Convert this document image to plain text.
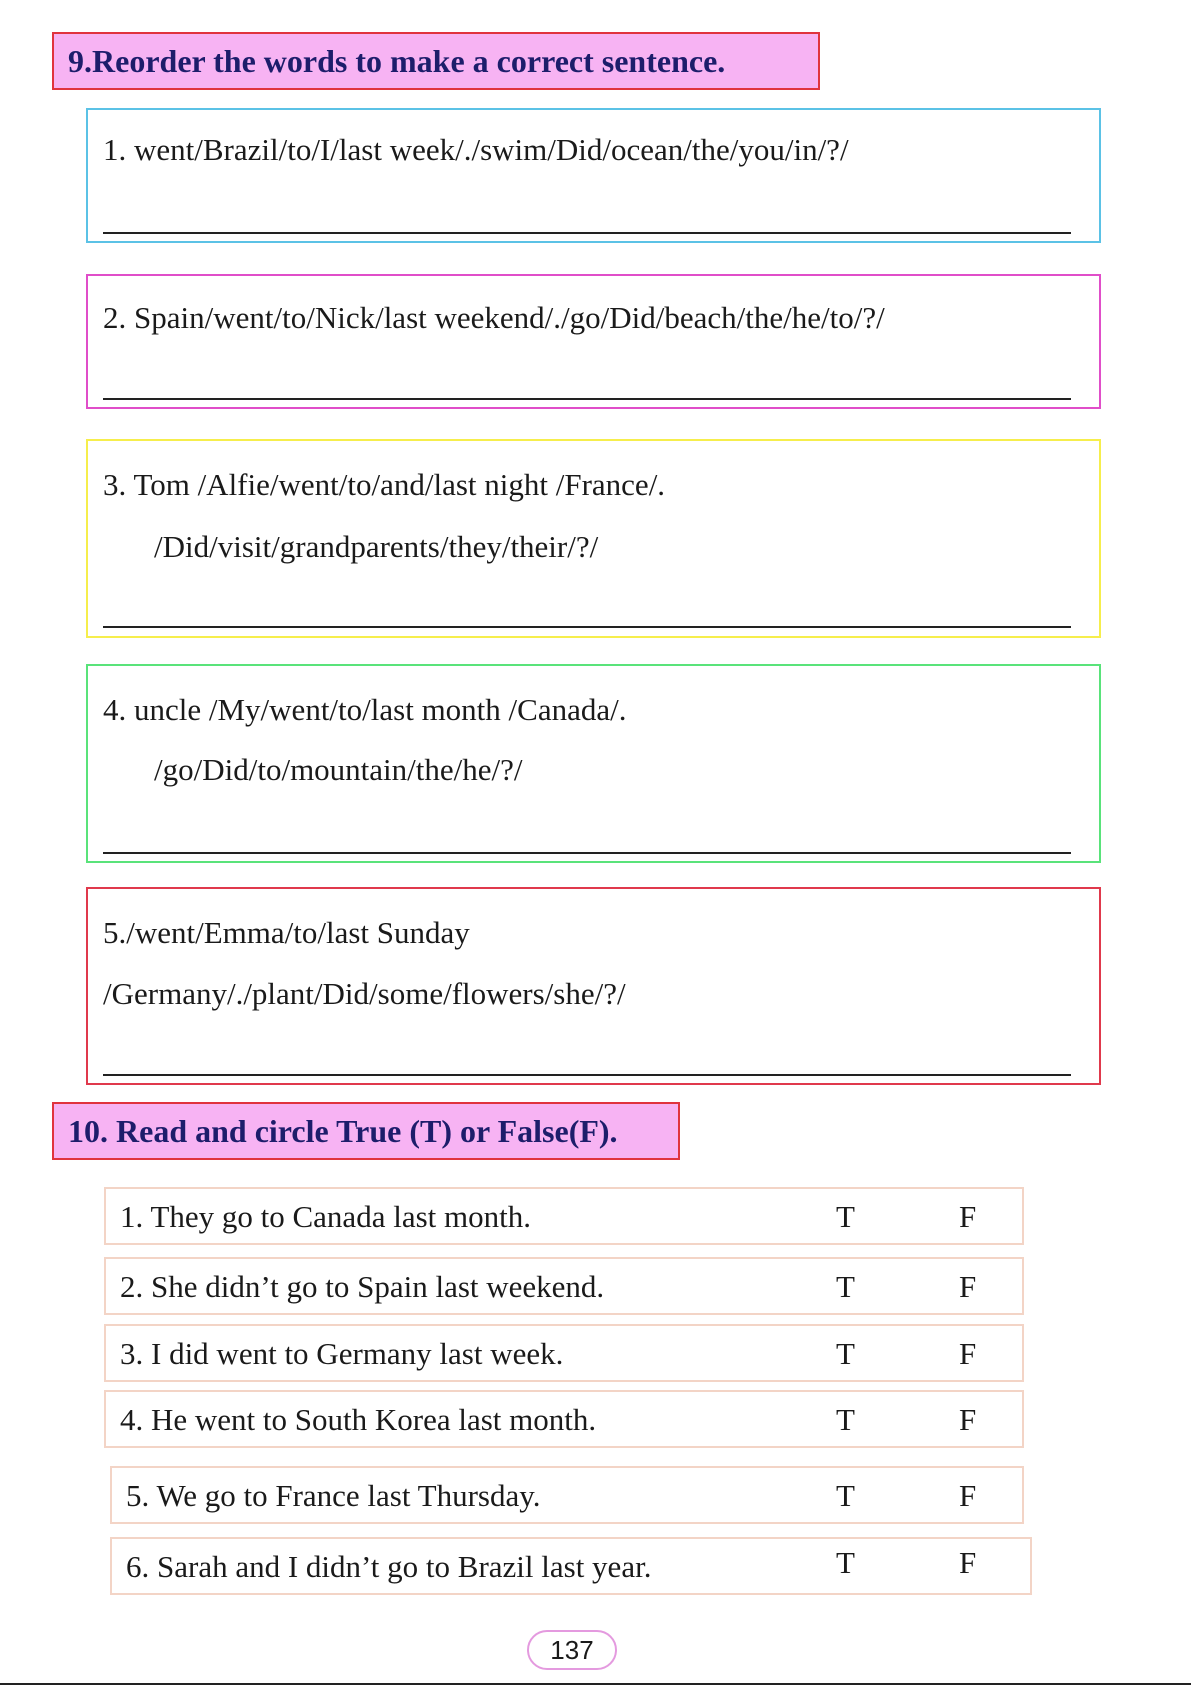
9.Reorder the words to make a correct sentence.
1. went/Brazil/to/I/last week/./swim/Did/ocean/the/you/in/?/
2. Spain/went/to/Nick/last weekend/./go/Did/beach/the/he/to/?/
3. Tom /Alfie/went/to/and/last night /France/.
/Did/visit/grandparents/they/their/?/
4. uncle /My/went/to/last month /Canada/.
/go/Did/to/mountain/the/he/?/
5./went/Emma/to/last Sunday
/Germany/./plant/Did/some/flowers/she/?/
10. Read and circle True (T) or False(F).
1. They go to Canada last month.	T	F
2. She didn’t go to Spain last weekend.	T	F
3. I did went to Germany last week.	T	F
4. He went to South Korea last month.	T	F
5. We go to France last Thursday.	T	F
6. Sarah and I didn’t go to Brazil last year.	T	F
137
